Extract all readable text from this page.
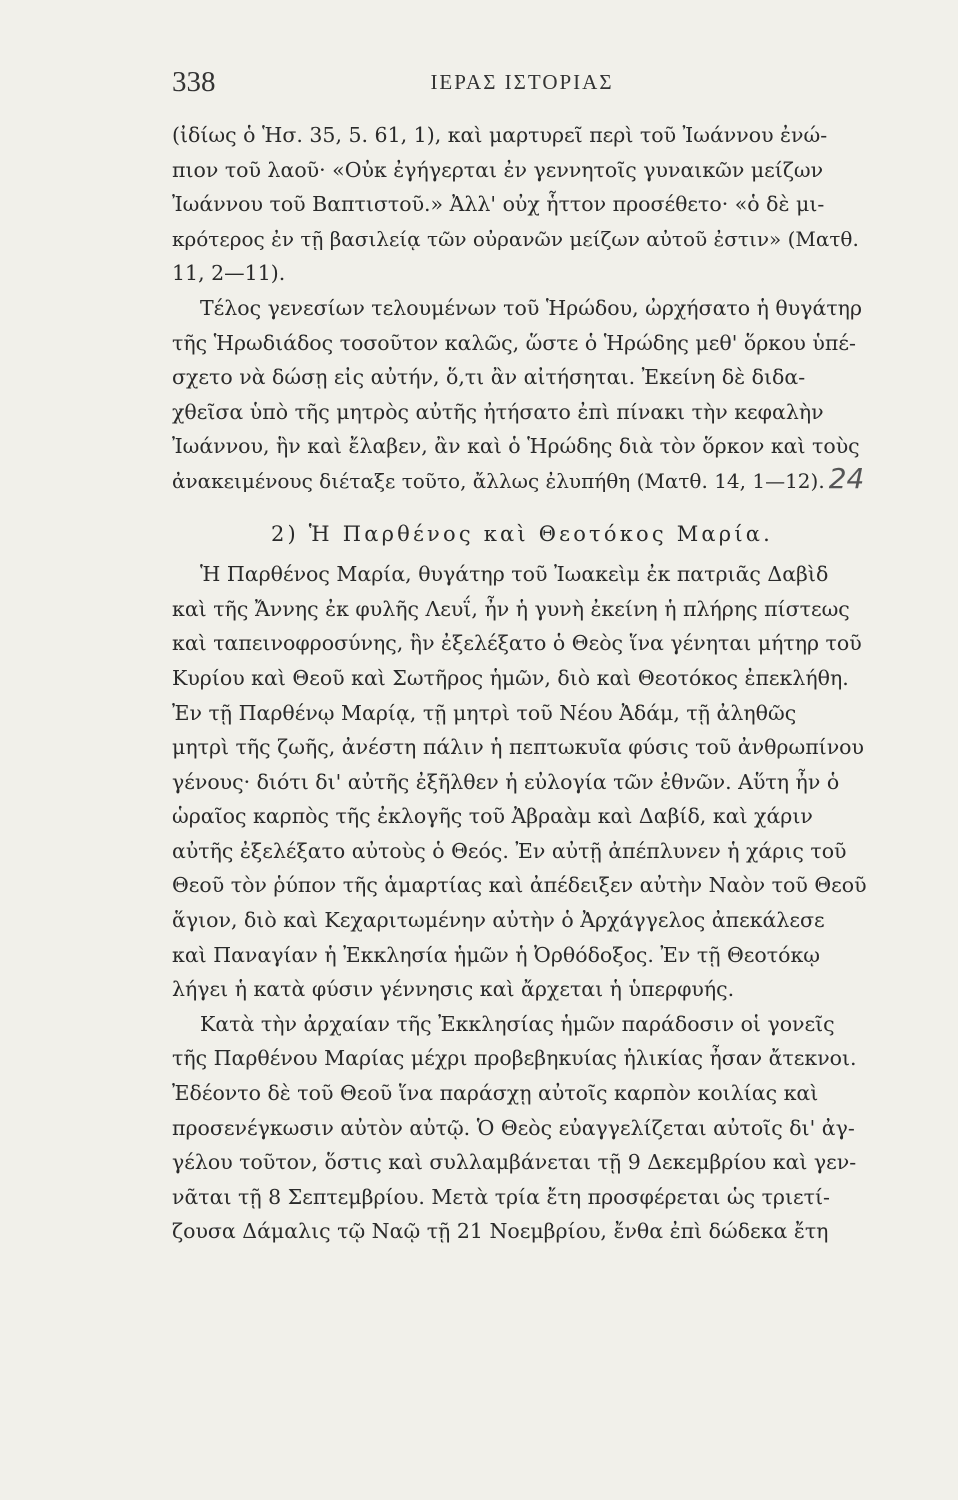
338	ΙΕΡΑΣ ΙΣΤΟΡΙΑΣ
(ἰδίως ὁ Ἡσ. 35, 5. 61, 1), καὶ μαρτυρεῖ περὶ τοῦ Ἰωάννου ἐνώ-
πιον τοῦ λαοῦ· «Οὐκ ἐγήγερται ἐν γεννητοῖς γυναικῶν μείζων
Ἰωάννου τοῦ Βαπτιστοῦ.» Ἀλλ' οὐχ ἧττον προσέθετο· «ὁ δὲ μι-
κρότερος ἐν τῇ βασιλείᾳ τῶν οὐρανῶν μείζων αὐτοῦ ἐστιν» (Ματθ.
11, 2—11).
Τέλος γενεσίων τελουμένων τοῦ Ἡρώδου, ὠρχήσατο ἡ θυγάτηρ
τῆς Ἡρωδιάδος τοσοῦτον καλῶς, ὥστε ὁ Ἡρώδης μεθ' ὅρκου ὑπέ-
σχετο νὰ δώσῃ εἰς αὐτήν, ὅ,τι ἂν αἰτήσηται. Ἐκείνη δὲ διδα-
χθεῖσα ὑπὸ τῆς μητρὸς αὐτῆς ἠτήσατο ἐπὶ πίνακι τὴν κεφαλὴν
Ἰωάννου, ἣν καὶ ἔλαβεν, ἂν καὶ ὁ Ἡρώδης διὰ τὸν ὅρκον καὶ τοὺς
ἀνακειμένους διέταξε τοῦτο, ἄλλως ἐλυπήθη (Ματθ. 14, 1—12). 24
2) Ἡ Παρθένος καὶ Θεοτόκος Μαρία.
Ἡ Παρθένος Μαρία, θυγάτηρ τοῦ Ἰωακεὶμ ἐκ πατριᾶς Δαβὶδ
καὶ τῆς Ἄννης ἐκ φυλῆς Λευΐ, ἦν ἡ γυνὴ ἐκείνη ἡ πλήρης πίστεως
καὶ ταπεινοφροσύνης, ἣν ἐξελέξατο ὁ Θεὸς ἵνα γένηται μήτηρ τοῦ
Κυρίου καὶ Θεοῦ καὶ Σωτῆρος ἡμῶν, διὸ καὶ Θεοτόκος ἐπεκλήθη.
Ἐν τῇ Παρθένῳ Μαρίᾳ, τῇ μητρὶ τοῦ Νέου Ἀδάμ, τῇ ἀληθῶς
μητρὶ τῆς ζωῆς, ἀνέστη πάλιν ἡ πεπτωκυῖα φύσις τοῦ ἀνθρωπίνου
γένους· διότι δι' αὐτῆς ἐξῆλθεν ἡ εὐλογία τῶν ἐθνῶν. Αὕτη ἦν ὁ
ὡραῖος καρπὸς τῆς ἐκλογῆς τοῦ Ἀβραὰμ καὶ Δαβίδ, καὶ χάριν
αὐτῆς ἐξελέξατο αὐτοὺς ὁ Θεός. Ἐν αὐτῇ ἀπέπλυνεν ἡ χάρις τοῦ
Θεοῦ τὸν ῥύπον τῆς ἁμαρτίας καὶ ἀπέδειξεν αὐτὴν Ναὸν τοῦ Θεοῦ
ἅγιον, διὸ καὶ Κεχαριτωμένην αὐτὴν ὁ Ἀρχάγγελος ἀπεκάλεσε
καὶ Παναγίαν ἡ Ἐκκλησία ἡμῶν ἡ Ὀρθόδοξος. Ἐν τῇ Θεοτόκῳ
λήγει ἡ κατὰ φύσιν γέννησις καὶ ἄρχεται ἡ ὑπερφυής.
Κατὰ τὴν ἀρχαίαν τῆς Ἐκκλησίας ἡμῶν παράδοσιν οἱ γονεῖς
τῆς Παρθένου Μαρίας μέχρι προβεβηκυίας ἡλικίας ἦσαν ἄτεκνοι.
Ἐδέοντο δὲ τοῦ Θεοῦ ἵνα παράσχῃ αὐτοῖς καρπὸν κοιλίας καὶ
προσενέγκωσιν αὐτὸν αὐτῷ. Ὁ Θεὸς εὐαγγελίζεται αὐτοῖς δι' ἀγ-
γέλου τοῦτον, ὅστις καὶ συλλαμβάνεται τῇ 9 Δεκεμβρίου καὶ γεν-
νᾶται τῇ 8 Σεπτεμβρίου. Μετὰ τρία ἔτη προσφέρεται ὡς τριετί-
ζουσα Δάμαλις τῷ Ναῷ τῇ 21 Νοεμβρίου, ἔνθα ἐπὶ δώδεκα ἔτη
